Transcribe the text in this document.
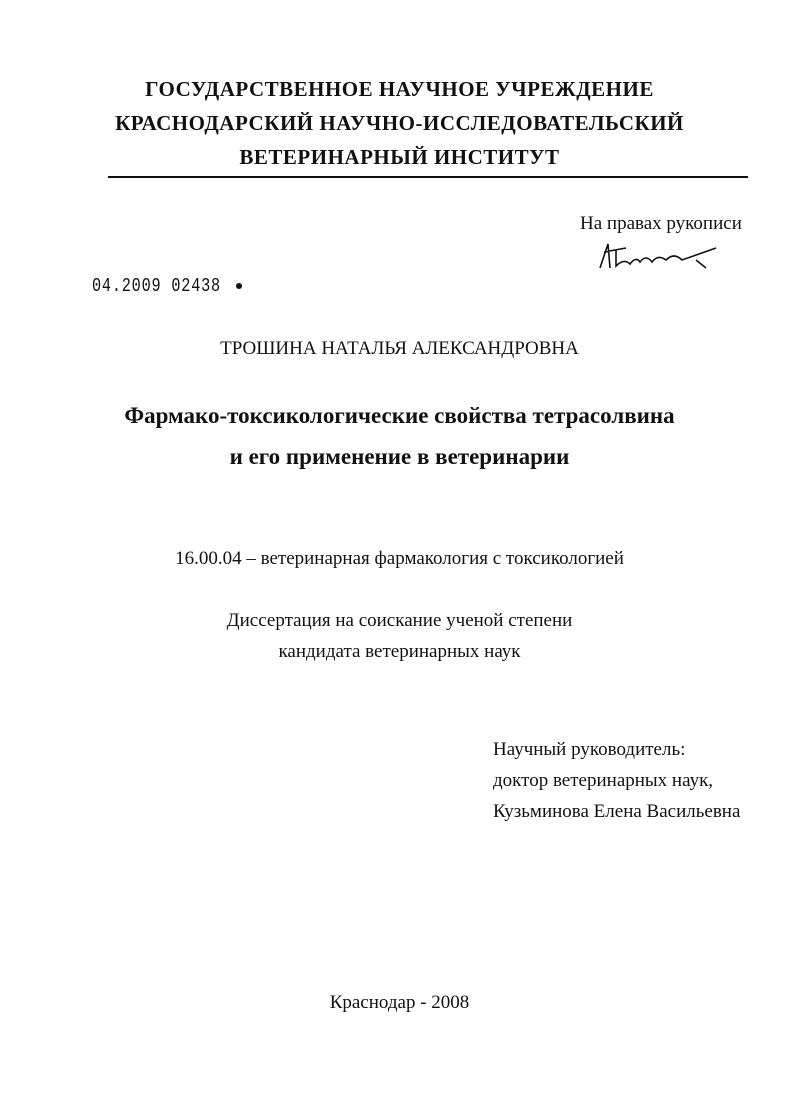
ГОСУДАРСТВЕННОЕ НАУЧНОЕ УЧРЕЖДЕНИЕ
КРАСНОДАРСКИЙ НАУЧНО-ИССЛЕДОВАТЕЛЬСКИЙ
ВЕТЕРИНАРНЫЙ ИНСТИТУТ
На правах рукописи
04.2009 02438
ТРОШИНА НАТАЛЬЯ АЛЕКСАНДРОВНА
Фармако-токсикологические свойства тетрасолвина
и его применение в ветеринарии
16.00.04 – ветеринарная фармакология с токсикологией
Диссертация на соискание ученой степени
кандидата ветеринарных наук
Научный руководитель:
доктор ветеринарных наук,
Кузьминова Елена Васильевна
Краснодар - 2008
